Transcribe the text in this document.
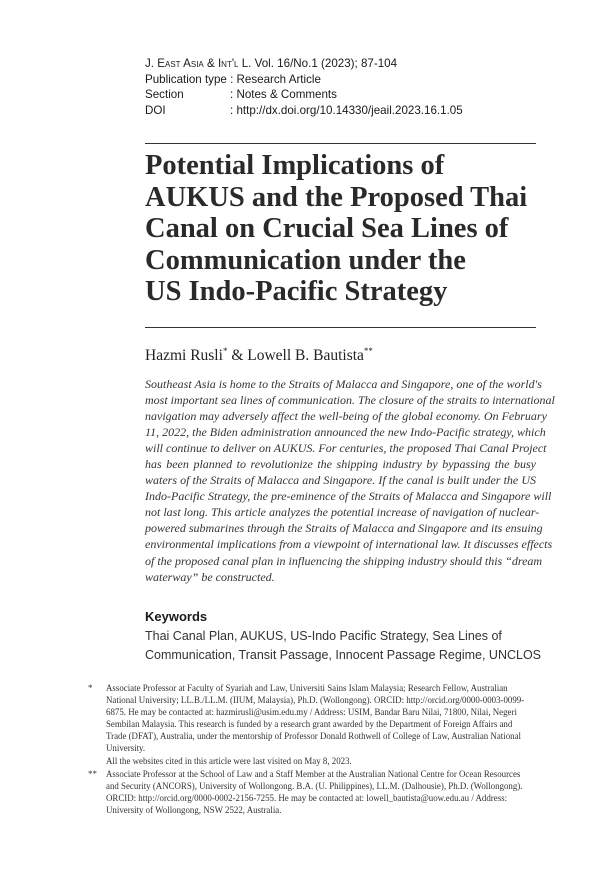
J. East Asia & Int'l L. Vol. 16/No.1 (2023); 87-104
Publication type : Research Article
Section	: Notes & Comments
DOI	: http://dx.doi.org/10.14330/jeail.2023.16.1.05
Potential Implications of
AUKUS and the Proposed Thai
Canal on Crucial Sea Lines of
Communication under the
US Indo-Pacific Strategy
Hazmi Rusli* & Lowell B. Bautista**
Southeast Asia is home to the Straits of Malacca and Singapore, one of the world's
most important sea lines of communication. The closure of the straits to international
navigation may adversely affect the well-being of the global economy. On February
11, 2022, the Biden administration announced the new Indo-Pacific strategy, which
will continue to deliver on AUKUS. For centuries, the proposed Thai Canal Project
has been planned to revolutionize the shipping industry by bypassing the busy
waters of the Straits of Malacca and Singapore. If the canal is built under the US
Indo-Pacific Strategy, the pre-eminence of the Straits of Malacca and Singapore will
not last long. This article analyzes the potential increase of navigation of nuclear-
powered submarines through the Straits of Malacca and Singapore and its ensuing
environmental implications from a viewpoint of international law. It discusses effects
of the proposed canal plan in influencing the shipping industry should this “dream
waterway” be constructed.
Keywords
Thai Canal Plan, AUKUS, US-Indo Pacific Strategy, Sea Lines of
Communication, Transit Passage, Innocent Passage Regime, UNCLOS
*	Associate Professor at Faculty of Syariah and Law, Universiti Sains Islam Malaysia; Research Fellow, Australian
National University; LL.B./LL.M. (IIUM, Malaysia), Ph.D. (Wollongong). ORCID: http://orcid.org/0000-0003-0099-
6875. He may be contacted at: hazmirusli@usim.edu.my / Address: USIM, Bandar Baru Nilai, 71800, Nilai, Negeri
Sembilan Malaysia. This research is funded by a research grant awarded by the Department of Foreign Affairs and
Trade (DFAT), Australia, under the mentorship of Professor Donald Rothwell of College of Law, Australian National
University.
All the websites cited in this article were last visited on May 8, 2023.
**	Associate Professor at the School of Law and a Staff Member at the Australian National Centre for Ocean Resources
and Security (ANCORS), University of Wollongong. B.A. (U. Philippines), LL.M. (Dalhousie), Ph.D. (Wollongong).
ORCID: http://orcid.org/0000-0002-2156-7255. He may be contacted at: lowell_bautista@uow.edu.au / Address:
University of Wollongong, NSW 2522, Australia.
